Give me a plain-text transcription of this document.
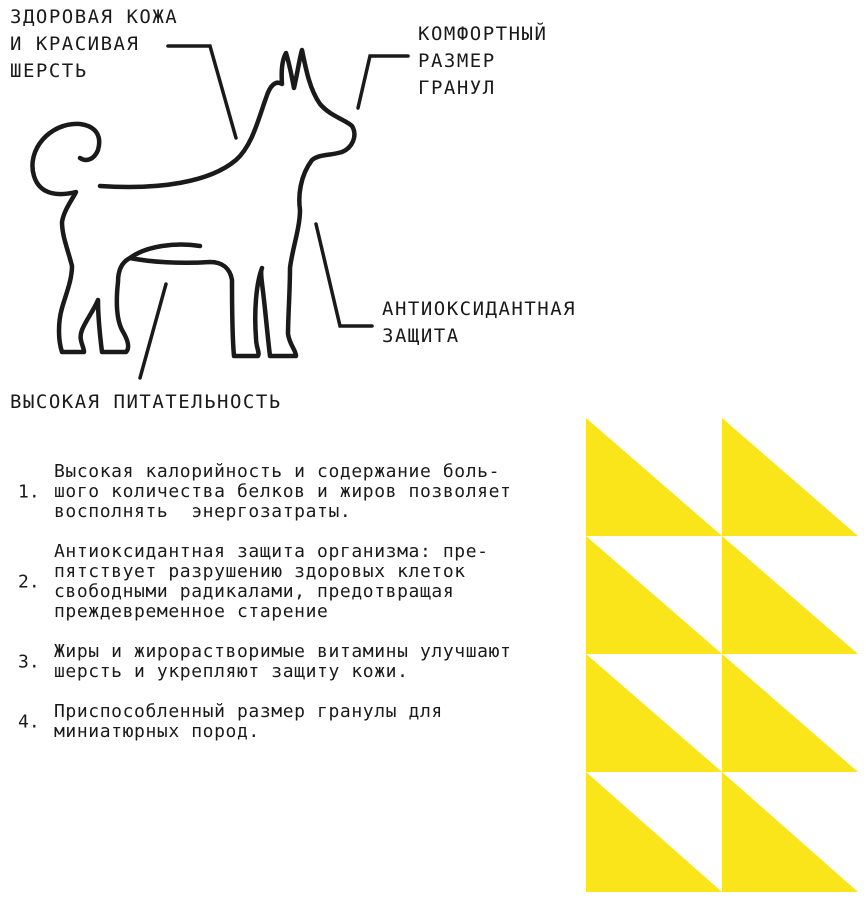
ЗДОРОВАЯ КОЖА
И КРАСИВАЯ
ШЕРСТЬ
КОМФОРТНЫЙ
РАЗМЕР
ГРАНУЛ
АНТИОКСИДАНТНАЯ
ЗАЩИТА
ВЫСОКАЯ ПИТАТЕЛЬНОСТЬ
1.
Высокая калорийность и содержание боль-
шого количества белков и жиров позволяет
восполнять  энергозатраты.
2.
Антиоксидантная защита организма: пре-
пятствует разрушению здоровых клеток
свободными радикалами, предотвращая
преждевременное старение
3. Жиры и жирорастворимые витамины улучшают
шерсть и укрепляют защиту кожи.
4. Приспособленный размер гранулы для
миниатюрных пород.
